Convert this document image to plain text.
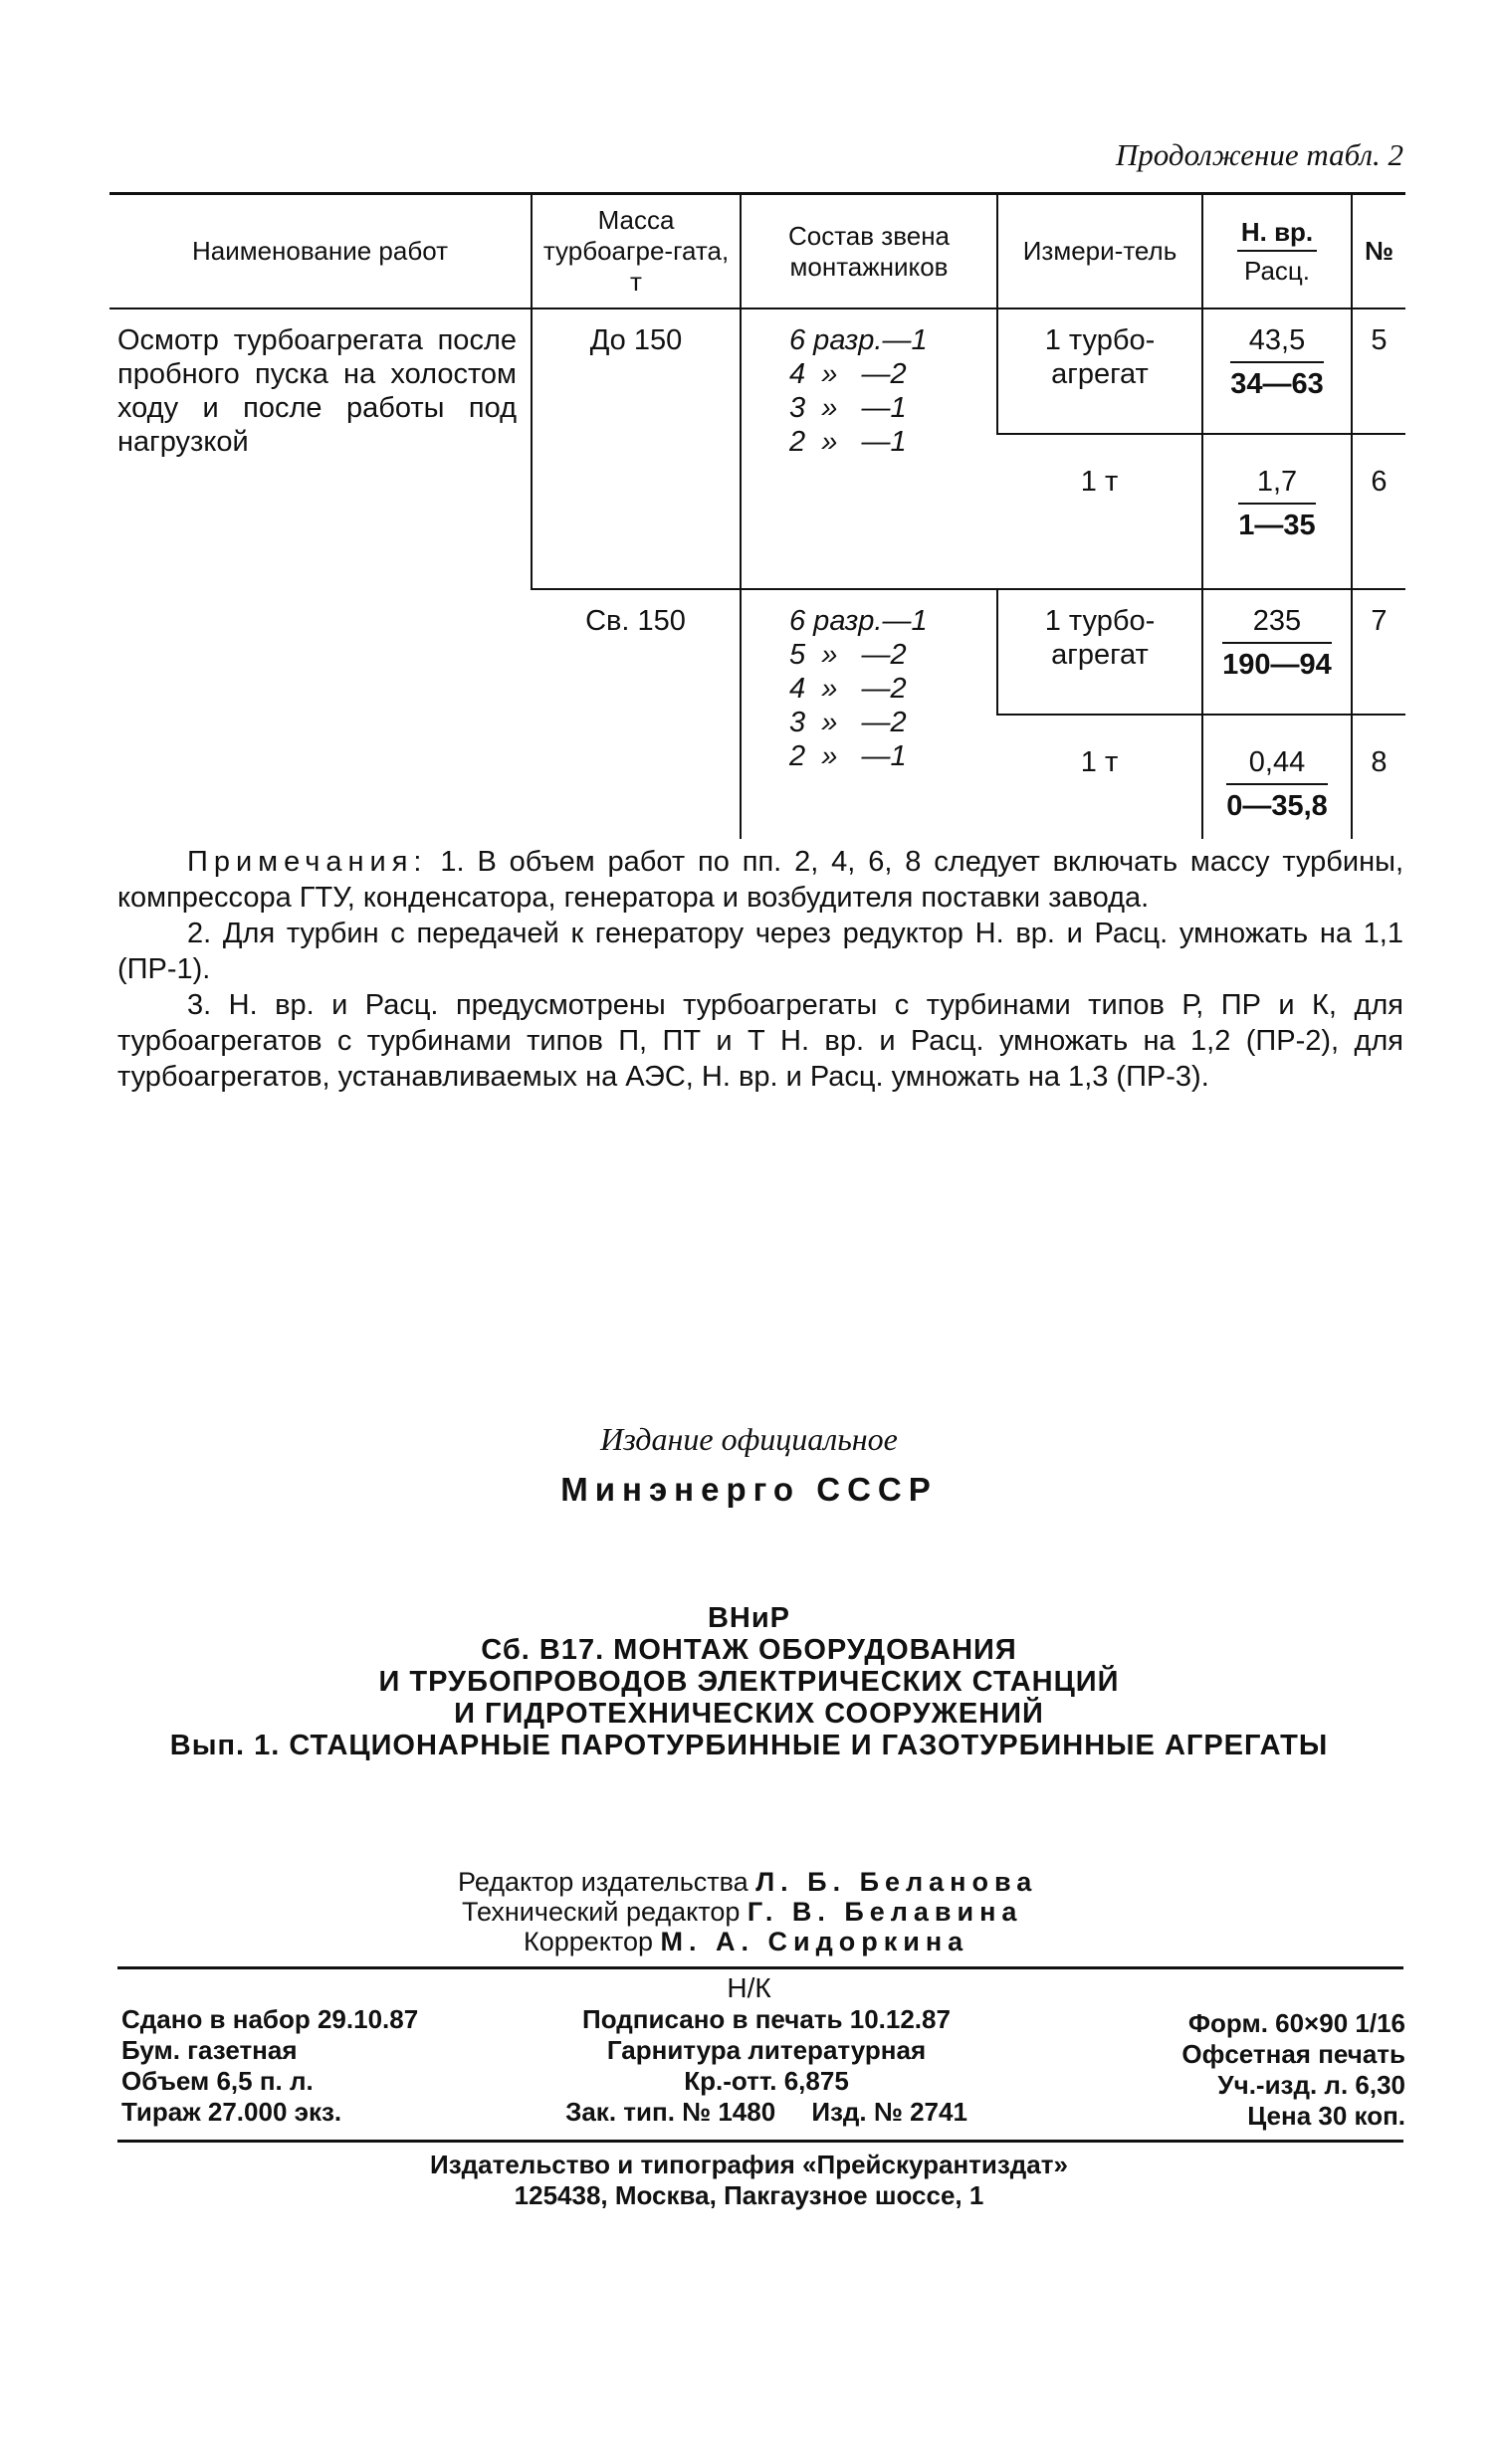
Продолжение табл. 2
Наименование работ	Масса турбоагре-гата, т	Состав звена монтажников	Измери-тель	$\frac{Н. вр.}{\text{Расц.}}$	№
Осмотр турбоагрегата после пробного пуска на холостом ходу и после работы под нагрузкой	До 150	6 разр.—1
4  »   —2
3  »   —1
2  »   —1	1 турбо-агрегат	$\frac{43,5}{34—63}$	5
			1 т	$\frac{1,7}{1—35}$	6
	Св. 150	6 разр.—1
5  »   —2
4  »   —2
3  »   —2
2  »   —1	1 турбо-агрегат	$\frac{235}{190—94}$	7
			1 т	$\frac{0,44}{0—35,8}$	8

Примечания: 1. В объем работ по пп. 2, 4, 6, 8 следует включать массу турбины, компрессора ГТУ, конденсатора, генератора и возбудителя поставки завода.

2. Для турбин с передачей к генератору через редуктор Н. вр. и Расц. умножать на 1,1 (ПР-1).

3. Н. вр. и Расц. предусмотрены турбоагрегаты с турбинами типов Р, ПР и К, для турбоагрегатов с турбинами типов П, ПТ и Т Н. вр. и Расц. умножать на 1,2 (ПР-2), для турбоагрегатов, устанавливаемых на АЭС, Н. вр. и Расц. умножать на 1,3 (ПР-3).

Издание официальное
Минэнерго СССР
ВНиР
Сб. В17. МОНТАЖ ОБОРУДОВАНИЯ
И ТРУБОПРОВОДОВ ЭЛЕКТРИЧЕСКИХ СТАНЦИЙ
И ГИДРОТЕХНИЧЕСКИХ СООРУЖЕНИЙ
Вып. 1. СТАЦИОНАРНЫЕ ПАРОТУРБИННЫЕ И ГАЗОТУРБИННЫЕ АГРЕГАТЫ
Редактор издательства Л. Б. Беланова
Технический редактор Г. В. Белавина
Корректор М. А. Сидоркина
Н/К
Сдано в набор 29.10.87
Бум. газетная
Объем 6,5 п. л.
Тираж 27.000 экз.
Подписано в печать 10.12.87
Гарнитура литературная
Кр.-отт. 6,875
Зак. тип. № 1480 Изд. № 2741
Форм. 60×90 1/16
Офсетная печать
Уч.-изд. л. 6,30
Цена 30 коп.
Издательство и типография «Прейскурантиздат»
125438, Москва, Пакгаузное шоссе, 1
